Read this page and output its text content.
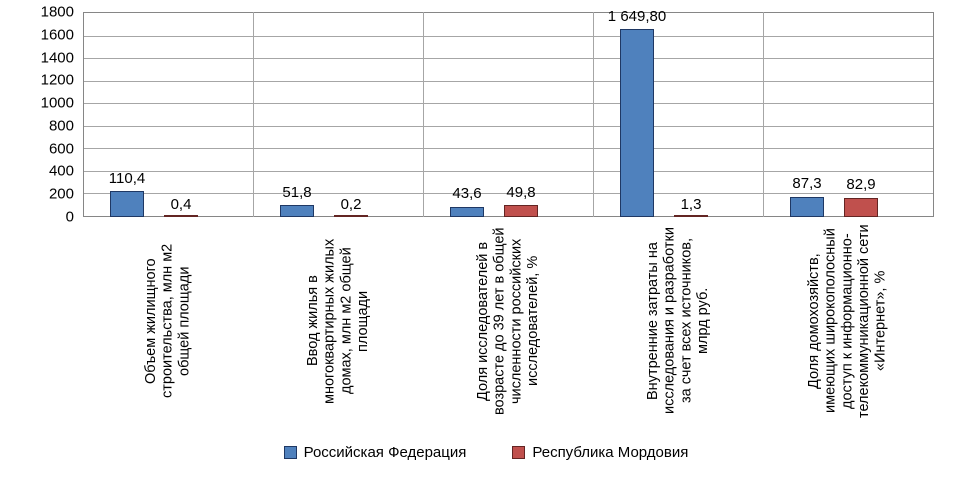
1800
1600
1400
1200
1000
800
600
400
200
0
110,4
0,4
51,8
0,2
43,6 49,8
1 649,80
1,3
87,3 82,9
Объем жилищного строительства, млн м2 общей площади	Ввод жилья в многоквартирных жилых домах, млн м2 общей площади	Доля исследователей в возрасте до 39 лет в общей численности российских исследователей, %	Внутренние затраты на исследования и разработки за счет всех источников, млрд руб.	Доля домохозяйств, имеющих широкополосный доступ к информационно-телекоммуникационной сети «Интернет», %
Российская Федерация	Республика Мордовия
